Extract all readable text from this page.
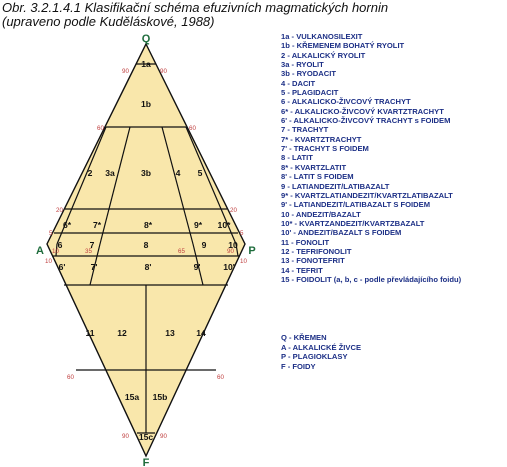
Obr. 3.2.1.4.1 Klasifikační schéma efuzivních magmatických hornin
(upraveno podle Kuděláskové, 1988)
90	90
60	60
20	20
5	5
10	35	65	90
10	10
60	60
90	90
1a
1b
2 3a	3b	4 5
6*	7*	8*	9* 10*
6	7	8	9	10
6'	7'	8'	9'	10'
11	12	13 14
15a 15b
15c
Q
A	P
F
1a - VULKANOSILEXIT
1b - KŘEMENEM BOHATÝ RYOLIT
2 - ALKALICKÝ RYOLIT
3a - RYOLIT
3b - RYODACIT
4 - DACIT
5 - PLAGIDACIT
6 - ALKALICKO-ŽIVCOVÝ TRACHYT
6* - ALKALICKO-ŽIVCOVÝ KVARTZTRACHYT
6' - ALKALICKO-ŽIVCOVÝ TRACHYT s FOIDEM
7 - TRACHYT
7* - KVARTZTRACHYT
7' - TRACHYT S FOIDEM
8 - LATIT
8* - KVARTZLATIT
8' - LATIT S FOIDEM
9 - LATIANDEZIT/LATIBAZALT
9* - KVARTZLATIANDEZIT/KVARTZLATIBAZALT
9' - LATIANDEZIT/LATIBAZALT S FOIDEM
10 - ANDEZIT/BAZALT
10* - KVARTZANDEZIT/KVARTZBAZALT
10' - ANDEZIT/BAZALT S FOIDEM
11 - FONOLIT
12 - TEFRIFONOLIT
13 - FONOTEFRIT
14 - TEFRIT
15 - FOIDOLIT (a, b, c - podle převládajícího foidu)
Q - KŘEMEN
A - ALKALICKÉ ŽIVCE
P - PLAGIOKLASY
F - FOIDY
